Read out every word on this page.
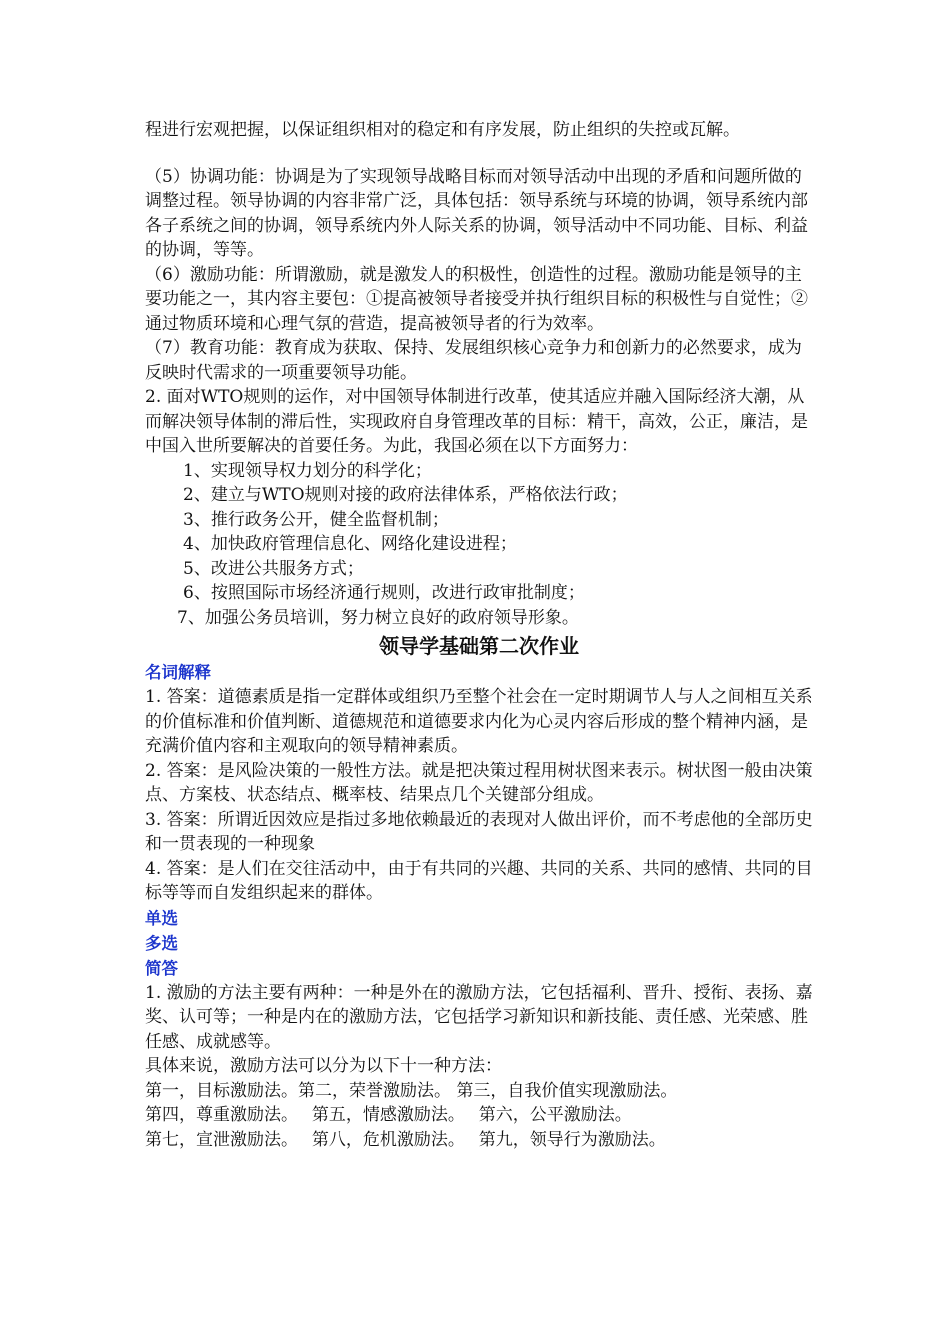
程进行宏观把握，以保证组织相对的稳定和有序发展，防止组织的失控或瓦解。

（5）协调功能：协调是为了实现领导战略目标而对领导活动中出现的矛盾和问题所做的调整过程。领导协调的内容非常广泛，具体包括：领导系统与环境的协调，领导系统内部各子系统之间的协调，领导系统内外人际关系的协调，领导活动中不同功能、目标、利益的协调，等等。

（6）激励功能：所谓激励，就是激发人的积极性，创造性的过程。激励功能是领导的主要功能之一，其内容主要包：①提高被领导者接受并执行组织目标的积极性与自觉性；②通过物质环境和心理气氛的营造，提高被领导者的行为效率。

（7）教育功能：教育成为获取、保持、发展组织核心竞争力和创新力的必然要求，成为反映时代需求的一项重要领导功能。

2. 面对WTO规则的运作，对中国领导体制进行改革，使其适应并融入国际经济大潮，从而解决领导体制的滞后性，实现政府自身管理改革的目标：精干，高效，公正，廉洁，是中国入世所要解决的首要任务。为此，我国必须在以下方面努力：

1、实现领导权力划分的科学化；

2、建立与WTO规则对接的政府法律体系，严格依法行政；

3、推行政务公开，健全监督机制；

4、加快政府管理信息化、网络化建设进程；

5、改进公共服务方式；

6、按照国际市场经济通行规则，改进行政审批制度；

7、加强公务员培训，努力树立良好的政府领导形象。

领导学基础第二次作业

名词解释

1. 答案：道德素质是指一定群体或组织乃至整个社会在一定时期调节人与人之间相互关系的价值标准和价值判断、道德规范和道德要求内化为心灵内容后形成的整个精神内涵，是充满价值内容和主观取向的领导精神素质。

2. 答案：是风险决策的一般性方法。就是把决策过程用树状图来表示。树状图一般由决策点、方案枝、状态结点、概率枝、结果点几个关键部分组成。

3. 答案：所谓近因效应是指过多地依赖最近的表现对人做出评价，而不考虑他的全部历史和一贯表现的一种现象

4. 答案：是人们在交往活动中，由于有共同的兴趣、共同的关系、共同的感情、共同的目标等等而自发组织起来的群体。

单选

多选

简答

1. 激励的方法主要有两种：一种是外在的激励方法，它包括福利、晋升、授衔、表扬、嘉奖、认可等；一种是内在的激励方法，它包括学习新知识和新技能、责任感、光荣感、胜任感、成就感等。

具体来说，激励方法可以分为以下十一种方法：

第一，目标激励法。第二，荣誉激励法。 第三，自我价值实现激励法。

第四，尊重激励法。　 第五，情感激励法。　 第六，公平激励法。

第七，宣泄激励法。　 第八，危机激励法。　 第九，领导行为激励法。
